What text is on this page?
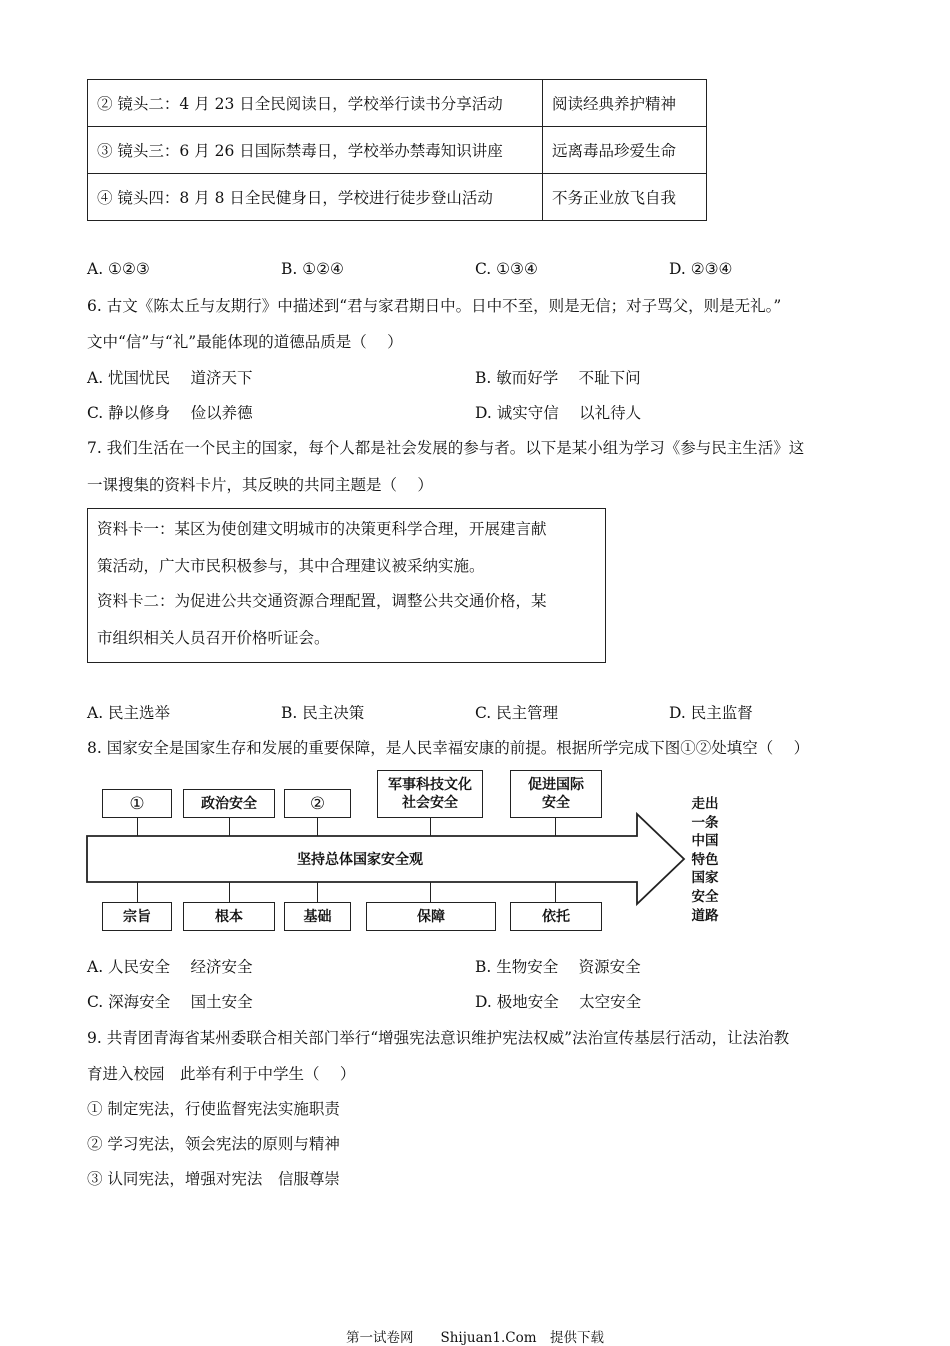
② 镜头二：4 月 23 日全民阅读日，学校举行读书分享活动	阅读经典养护精神
③ 镜头三：6 月 26 日国际禁毒日，学校举办禁毒知识讲座	远离毒品珍爱生命
④ 镜头四：8 月 8 日全民健身日，学校进行徒步登山活动	不务正业放飞自我
A. ①②③	B. ①②④	C. ①③④	D. ②③④
6. 古文《陈太丘与友期行》中描述到“君与家君期日中。日中不至，则是无信；对子骂父，则是无礼。”
文中“信”与“礼”最能体现的道德品质是（　 ）
A. 忧国忧民　 道济天下	B. 敏而好学　 不耻下问
C. 静以修身　 俭以养德	D. 诚实守信　 以礼待人
7. 我们生活在一个民主的国家，每个人都是社会发展的参与者。以下是某小组为学习《参与民主生活》这
一课搜集的资料卡片，其反映的共同主题是（　 ）
资料卡一：某区为使创建文明城市的决策更科学合理，开展建言献
策活动，广大市民积极参与，其中合理建议被采纳实施。
资料卡二：为促进公共交通资源合理配置，调整公共交通价格，某
市组织相关人员召开价格听证会。
A. 民主选举	B. 民主决策	C. 民主管理	D. 民主监督
8. 国家安全是国家生存和发展的重要保障，是人民幸福安康的前提。根据所学完成下图①②处填空（　 ）
坚持总体国家安全观
①	政治安全	②
军事科技文化社会安全
促进国际安全
宗旨	根本	基础	保障	依托
走出一条中国特色国家安全道路
A. 人民安全　 经济安全	B. 生物安全　 资源安全
C. 深海安全　 国土安全	D. 极地安全　 太空安全
9. 共青团青海省某州委联合相关部门举行“增强宪法意识维护宪法权威”法治宣传基层行活动，让法治教
育进入校园　此举有利于中学生（　 ）
① 制定宪法，行使监督宪法实施职责
② 学习宪法，领会宪法的原则与精神
③ 认同宪法，增强对宪法　信服尊崇
第一试卷网　　Shijuan1.Com　提供下载
